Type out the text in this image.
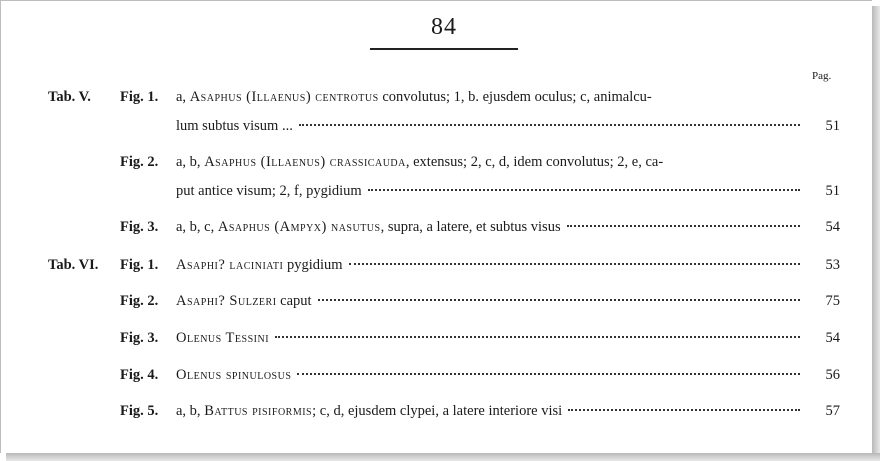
84
Pag.
Tab. V. Fig. 1. a, Asaphus (Illaenus) centrotus convolutus; 1, b. ejusdem oculus; c, animalcu-
lum subtus visum ...	51
Fig. 2. a, b, Asaphus (Illaenus) crassicauda, extensus; 2, c, d, idem convolutus; 2, e, ca-
put antice visum; 2, f, pygidium	51
Fig. 3. a, b, c, Asaphus (Ampyx) nasutus, supra, a latere, et subtus visus	54
Tab. VI. Fig. 1. Asaphi? laciniati pygidium	53
Fig. 2. Asaphi? Sulzeri caput	75
Fig. 3. Olenus Tessini	54
Fig. 4. Olenus spinulosus	56
Fig. 5. a, b, Battus pisiformis; c, d, ejusdem clypei, a latere interiore visi	57
